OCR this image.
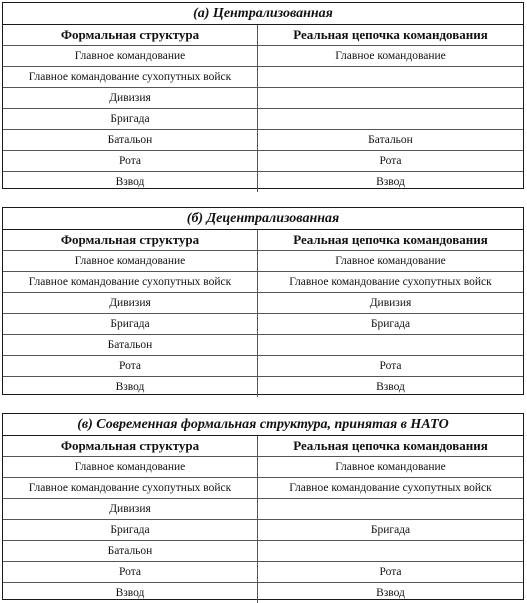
(а) Централизованная
Формальная структура	Реальная цепочка командования
Главное командование	Главное командование
Главное командование сухопутных войск	
Дивизия	
Бригада	
Батальон	Батальон
Рота	Рота
Взвод	Взвод
(б) Децентрализованная
Формальная структура	Реальная цепочка командования
Главное командование	Главное командование
Главное командование сухопутных войск	Главное командование сухопутных войск
Дивизия	Дивизия
Бригада	Бригада
Батальон	
Рота	Рота
Взвод	Взвод
(в) Современная формальная структура, принятая в НАТО
Формальная структура	Реальная цепочка командования
Главное командование	Главное командование
Главное командование сухопутных войск	Главное командование сухопутных войск
Дивизия	
Бригада	Бригада
Батальон	
Рота	Рота
Взвод	Взвод
